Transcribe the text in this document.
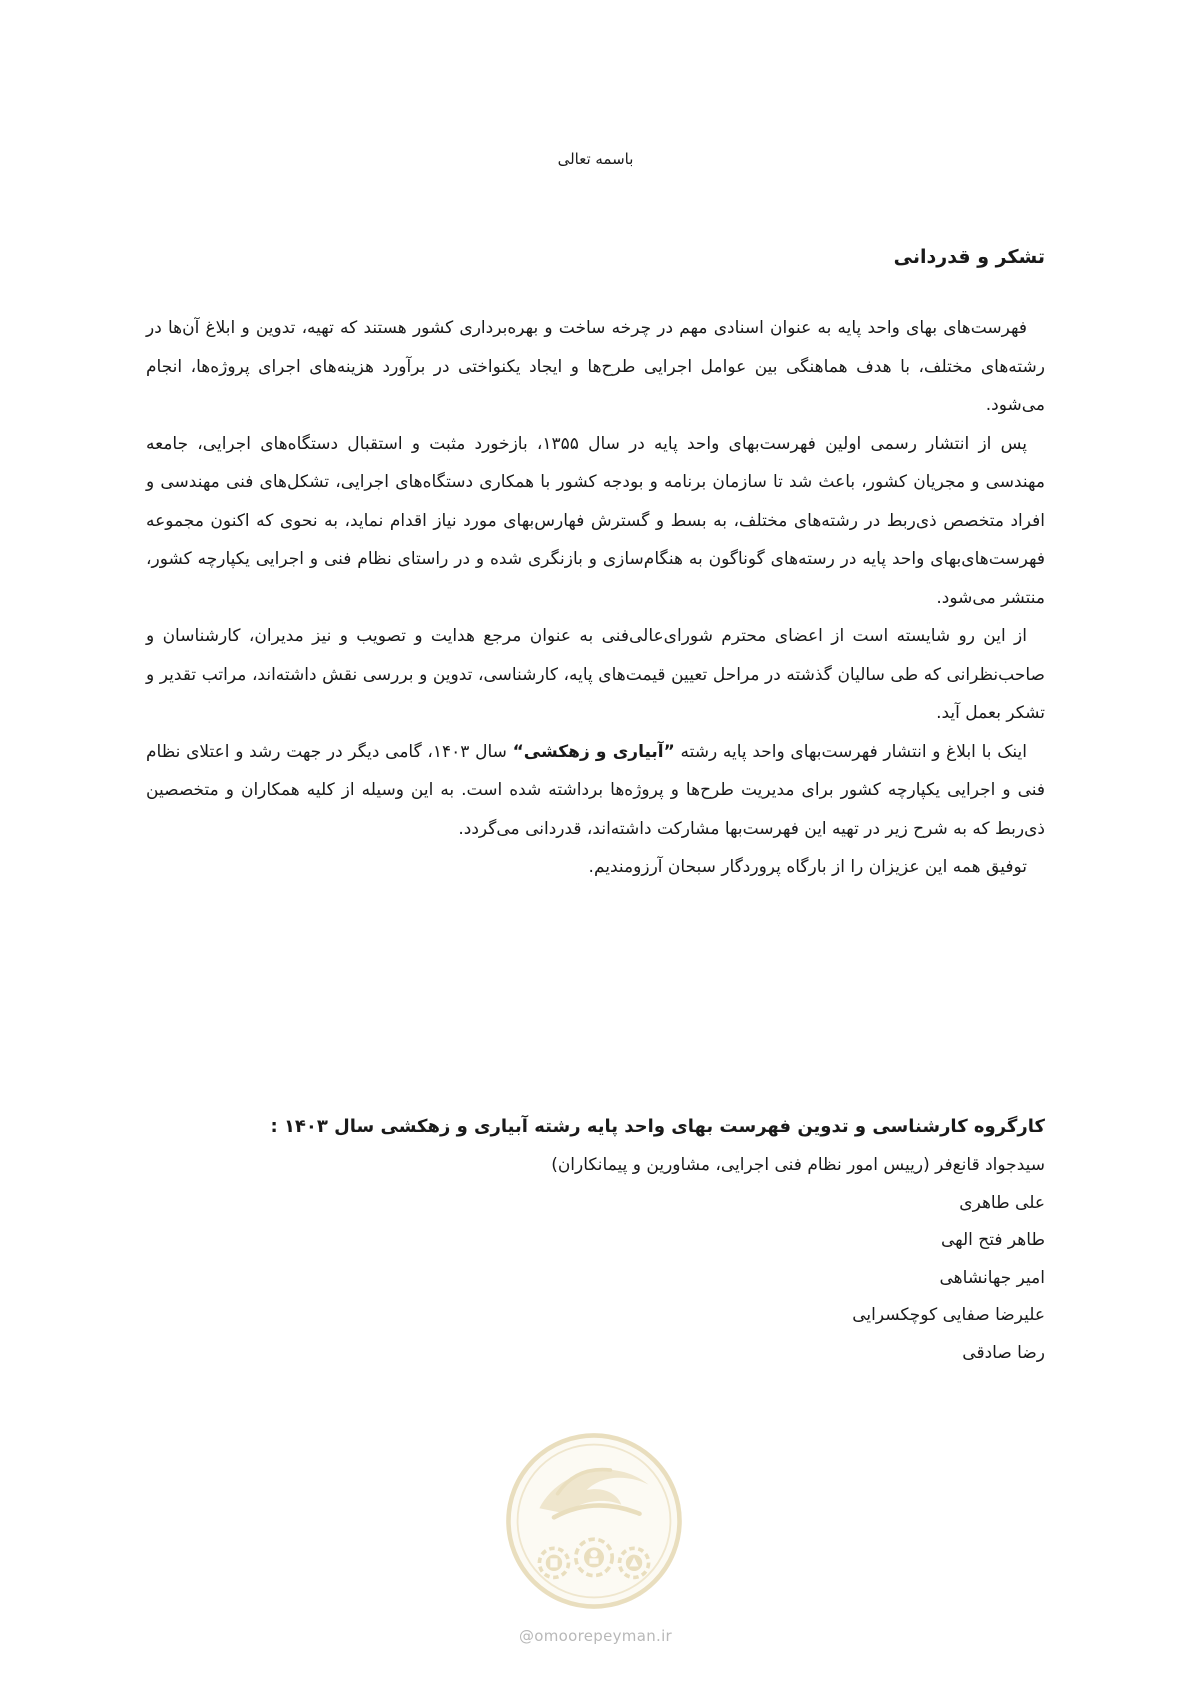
باسمه تعالی
تشکر و قدردانی

فهرست‌های بهای واحد پایه به عنوان اسنادی مهم در چرخه ساخت و بهره‌برداری کشور هستند که تهیه، تدوین و ابلاغ آن‌ها در رشته‌های مختلف، با هدف هماهنگی بین عوامل اجرایی طرح‌ها و ایجاد یکنواختی در برآورد هزینه‌های اجرای پروژه‌ها، انجام می‌شود.

پس از انتشار رسمی اولین فهرست‌بهای واحد پایه در سال ۱۳۵۵، بازخورد مثبت و استقبال دستگاه‌های اجرایی، جامعه مهندسی و مجریان کشور، باعث شد تا سازمان برنامه و بودجه کشور با همکاری دستگاه‌های اجرایی، تشکل‌های فنی مهندسی و افراد متخصص ذی‌ربط در رشته‌های مختلف، به بسط و گسترش فهارس‌بهای مورد نیاز اقدام نماید، به نحوی که اکنون مجموعه فهرست‌های‌بهای واحد پایه در رسته‌های گوناگون به هنگام‌سازی و بازنگری شده و در راستای نظام فنی و اجرایی یکپارچه کشور، منتشر می‌شود.

از این رو شایسته است از اعضای محترم شورای‌عالی‌فنی به عنوان مرجع هدایت و تصویب و نیز مدیران، کارشناسان و صاحب‌نظرانی که طی سالیان گذشته در مراحل تعیین قیمت‌های پایه، کارشناسی، تدوین و بررسی نقش داشته‌اند، مراتب تقدیر و تشکر بعمل آید.

اینک با ابلاغ و انتشار فهرست‌بهای واحد پایه رشته ”آبیاری و زهکشی“ سال ۱۴۰۳، گامی دیگر در جهت رشد و اعتلای نظام فنی و اجرایی یکپارچه کشور برای مدیریت طرح‌ها و پروژه‌ها برداشته شده است. به این وسیله از کلیه همکاران و متخصصین ذی‌ربط که به شرح زیر در تهیه این فهرست‌بها مشارکت داشته‌اند، قدردانی می‌گردد.

توفیق همه این عزیزان را از بارگاه پروردگار سبحان آرزومندیم.

کارگروه کارشناسی و تدوین فهرست بهای واحد پایه رشته آبیاری و زهکشی سال ۱۴۰۳ :
سیدجواد قانع‌فر (رییس امور نظام فنی اجرایی، مشاورین و پیمانکاران)
علی طاهری
طاهر فتح الهی
امیر جهانشاهی
علیرضا صفایی کوچکسرایی
رضا صادقی
@omoorepeyman.ir
